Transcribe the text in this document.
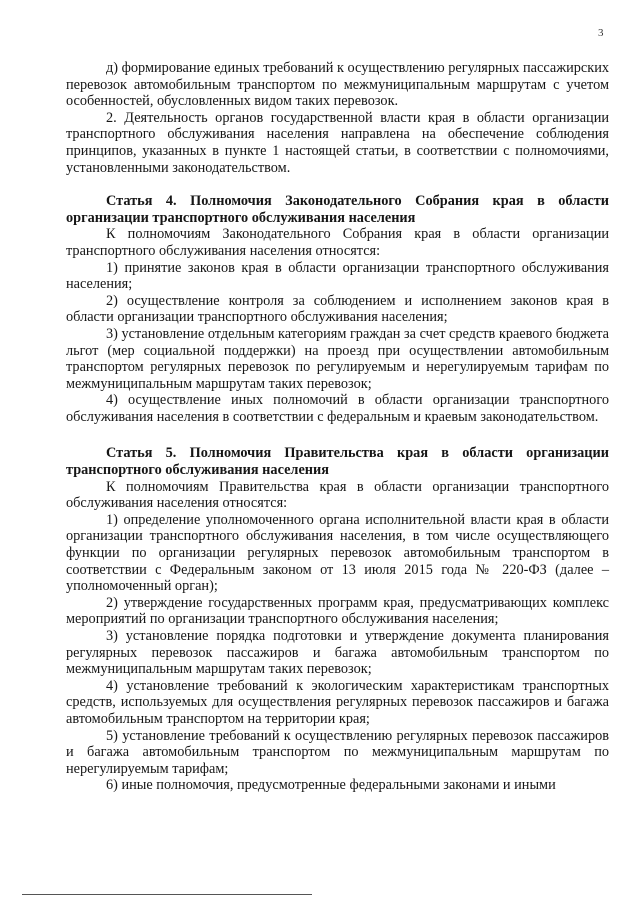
3

д) формирование единых требований к осуществлению регулярных пассажирских перевозок автомобильным транспортом по межмуниципальным маршрутам с учетом особенностей, обусловленных видом таких перевозок.

2. Деятельность органов государственной власти края в области организации транспортного обслуживания населения направлена на обеспечение соблюдения принципов, указанных в пункте 1 настоящей статьи, в соответствии с полномочиями, установленными законодательством.

Статья 4. Полномочия Законодательного Собрания края в области организации транспортного обслуживания населения

К полномочиям Законодательного Собрания края в области организации транспортного обслуживания населения относятся:

1) принятие законов края в области организации транспортного обслуживания населения;

2) осуществление контроля за соблюдением и исполнением законов края в области организации транспортного обслуживания населения;

3) установление отдельным категориям граждан за счет средств краевого бюджета льгот (мер социальной поддержки) на проезд при осуществлении автомобильным транспортом регулярных перевозок по регулируемым и нерегулируемым тарифам по межмуниципальным маршрутам таких перевозок;

4) осуществление иных полномочий в области организации транспортного обслуживания населения в соответствии с федеральным и краевым законодательством.

Статья 5. Полномочия Правительства края в области организации транспортного обслуживания населения

К полномочиям Правительства края в области организации транспортного обслуживания населения относятся:

1) определение уполномоченного органа исполнительной власти края в области организации транспортного обслуживания населения, в том числе осуществляющего функции по организации регулярных перевозок автомобильным транспортом в соответствии с Федеральным законом от 13 июля 2015 года № 220-ФЗ (далее – уполномоченный орган);

2) утверждение государственных программ края, предусматривающих комплекс мероприятий по организации транспортного обслуживания населения;

3) установление порядка подготовки и утверждение документа планирования регулярных перевозок пассажиров и багажа автомобильным транспортом по межмуниципальным маршрутам таких перевозок;

4) установление требований к экологическим характеристикам транспортных средств, используемых для осуществления регулярных перевозок пассажиров и багажа автомобильным транспортом на территории края;

5) установление требований к осуществлению регулярных перевозок пассажиров и багажа автомобильным транспортом по межмуниципальным маршрутам по нерегулируемым тарифам;

6) иные полномочия, предусмотренные федеральными законами и иными
